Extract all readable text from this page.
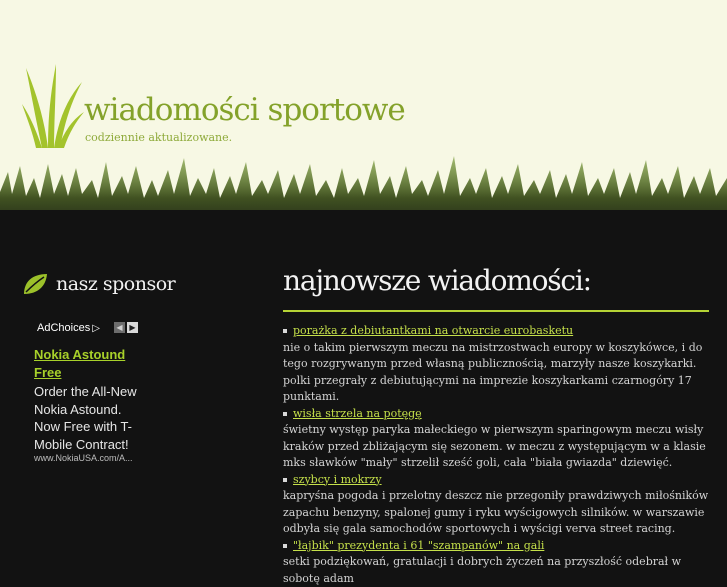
wiadomości sportowe
codziennie aktualizowane.
nasz sponsor
AdChoices ▷	◀ ▶
Nokia Astound Free
Order the All-New Nokia Astound. Now Free with T-Mobile Contract!
www.NokiaUSA.com/A...
najnowsze wiadomości:
porażka z debiutantkami na otwarcie eurobasketu

nie o takim pierwszym meczu na mistrzostwach europy w koszykówce, i do tego rozgrywanym przed własną publicznością, marzyły nasze koszykarki. polki przegrały z debiutującymi na imprezie koszykarkami czarnogóry 17 punktami.

wisła strzela na potęgę

świetny występ paryka małeckiego w pierwszym sparingowym meczu wisły kraków przed zbliżającym się sezonem. w meczu z występującym w a klasie mks sławków "mały" strzelił sześć goli, cała "biała gwiazda" dziewięć.

szybcy i mokrzy

kapryśna pogoda i przelotny deszcz nie przegoniły prawdziwych miłośników zapachu benzyny, spalonej gumy i ryku wyścigowych silników. w warszawie odbyła się gala samochodów sportowych i wyścigi verva street racing.

"łajbik" prezydenta i 61 "szampanów" na gali

setki podziękowań, gratulacji i dobrych życzeń na przyszłość odebrał w sobotę adam
